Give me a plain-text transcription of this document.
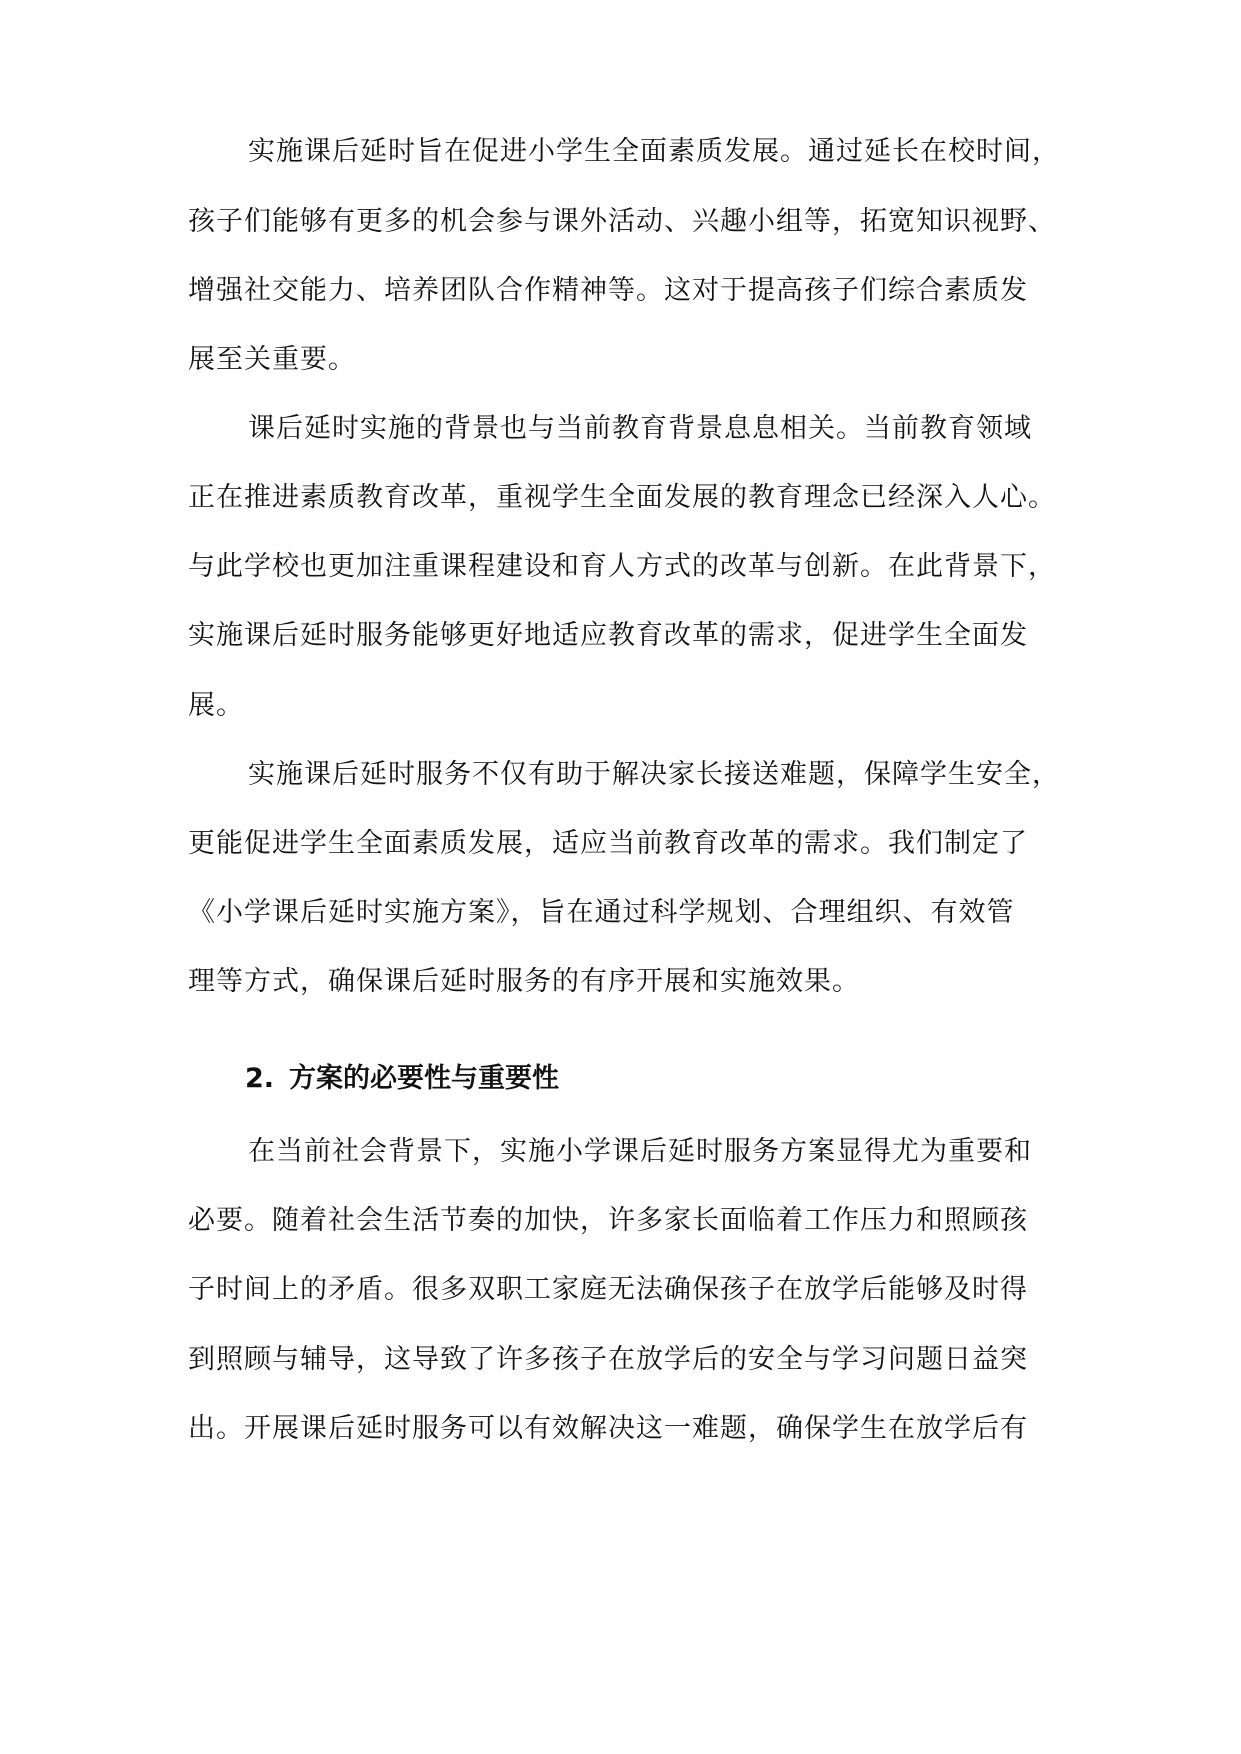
实施课后延时旨在促进小学生全面素质发展。通过延长在校时间，

孩子们能够有更多的机会参与课外活动、兴趣小组等，拓宽知识视野、

增强社交能力、培养团队合作精神等。这对于提高孩子们综合素质发

展至关重要。

课后延时实施的背景也与当前教育背景息息相关。当前教育领域

正在推进素质教育改革，重视学生全面发展的教育理念已经深入人心。

与此学校也更加注重课程建设和育人方式的改革与创新。在此背景下，

实施课后延时服务能够更好地适应教育改革的需求，促进学生全面发

展。

实施课后延时服务不仅有助于解决家长接送难题，保障学生安全，

更能促进学生全面素质发展，适应当前教育改革的需求。我们制定了

《小学课后延时实施方案》，旨在通过科学规划、合理组织、有效管

理等方式，确保课后延时服务的有序开展和实施效果。

2. 方案的必要性与重要性

在当前社会背景下，实施小学课后延时服务方案显得尤为重要和

必要。随着社会生活节奏的加快，许多家长面临着工作压力和照顾孩

子时间上的矛盾。很多双职工家庭无法确保孩子在放学后能够及时得

到照顾与辅导，这导致了许多孩子在放学后的安全与学习问题日益突

出。开展课后延时服务可以有效解决这一难题，确保学生在放学后有
